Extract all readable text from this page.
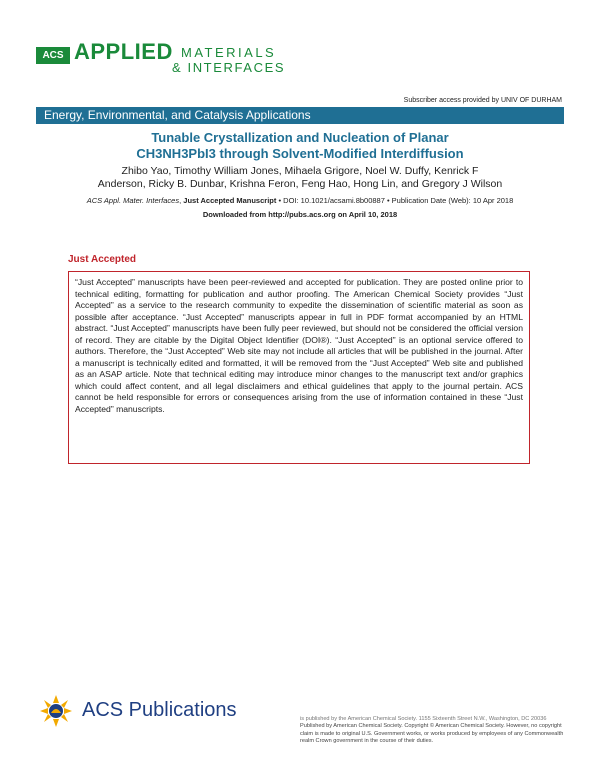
ACS APPLIED MATERIALS
& INTERFACES
Subscriber access provided by UNIV OF DURHAM
Energy, Environmental, and Catalysis Applications
Tunable Crystallization and Nucleation of Planar
CH3NH3PbI3 through Solvent-Modified Interdiffusion
Zhibo Yao, Timothy William Jones, Mihaela Grigore, Noel W. Duffy, Kenrick F
Anderson, Ricky B. Dunbar, Krishna Feron, Feng Hao, Hong Lin, and Gregory J Wilson
ACS Appl. Mater. Interfaces, Just Accepted Manuscript • DOI: 10.1021/acsami.8b00887 • Publication Date (Web): 10 Apr 2018
Downloaded from http://pubs.acs.org on April 10, 2018
Just Accepted

“Just Accepted” manuscripts have been peer-reviewed and accepted for publication. They are posted online prior to technical editing, formatting for publication and author proofing. The American Chemical Society provides “Just Accepted” as a service to the research community to expedite the dissemination of scientific material as soon as possible after acceptance. “Just Accepted” manuscripts appear in full in PDF format accompanied by an HTML abstract. “Just Accepted” manuscripts have been fully peer reviewed, but should not be considered the official version of record. They are citable by the Digital Object Identifier (DOI®). “Just Accepted” is an optional service offered to authors. Therefore, the “Just Accepted” Web site may not include all articles that will be published in the journal. After a manuscript is technically edited and formatted, it will be removed from the “Just Accepted” Web site and published as an ASAP article. Note that technical editing may introduce minor changes to the manuscript text and/or graphics which could affect content, and all legal disclaimers and ethical guidelines that apply to the journal pertain. ACS cannot be held responsible for errors or consequences arising from the use of information contained in these “Just Accepted” manuscripts.

ACS Publications	is published by the American Chemical Society. 1155 Sixteenth Street N.W., Washington, DC 20036

Published by American Chemical Society. Copyright © American Chemical Society. However, no copyright claim is made to original U.S. Government works, or works produced by employees of any Commonwealth realm Crown government in the course of their duties.
